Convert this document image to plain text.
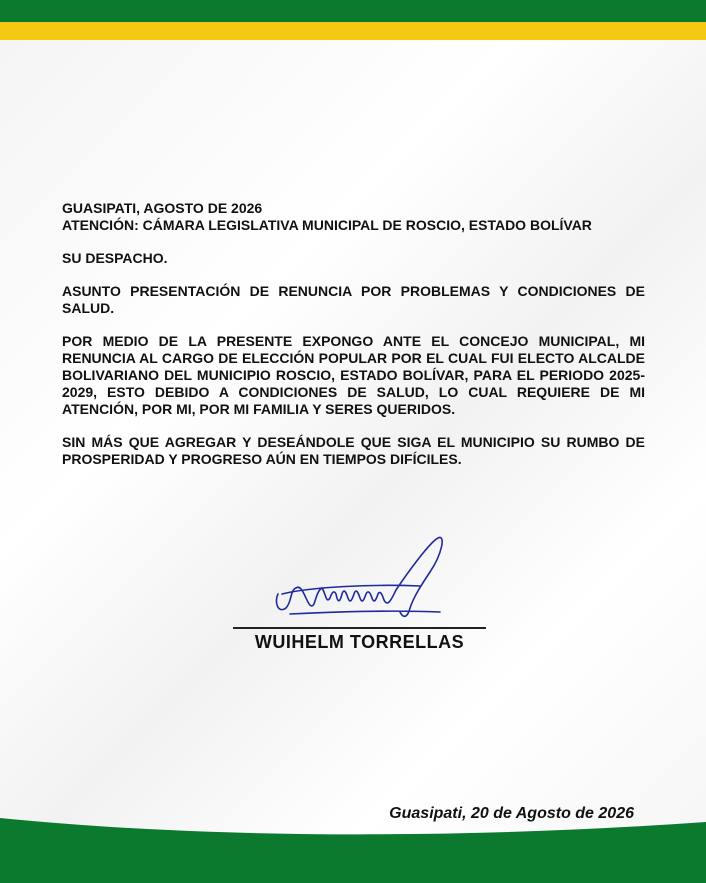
GUASIPATI, AGOSTO DE 2026

ATENCIÓN: CÁMARA LEGISLATIVA MUNICIPAL DE ROSCIO, ESTADO BOLÍVAR

SU DESPACHO.

ASUNTO PRESENTACIÓN DE RENUNCIA POR PROBLEMAS Y CONDICIONES DE SALUD.

POR MEDIO DE LA PRESENTE EXPONGO ANTE EL CONCEJO MUNICIPAL, MI RENUNCIA AL CARGO DE ELECCIÓN POPULAR POR EL CUAL FUI ELECTO ALCALDE BOLIVARIANO DEL MUNICIPIO ROSCIO, ESTADO BOLÍVAR, PARA EL PERIODO 2025-2029, ESTO DEBIDO A CONDICIONES DE SALUD, LO CUAL REQUIERE DE MI ATENCIÓN, POR MI, POR MI FAMILIA Y SERES QUERIDOS.

SIN MÁS QUE AGREGAR Y DESEÁNDOLE QUE SIGA EL MUNICIPIO SU RUMBO DE PROSPERIDAD Y PROGRESO AÚN EN TIEMPOS DIFÍCILES.

WUIHELM TORRELLAS
Guasipati, 20 de Agosto de 2026
